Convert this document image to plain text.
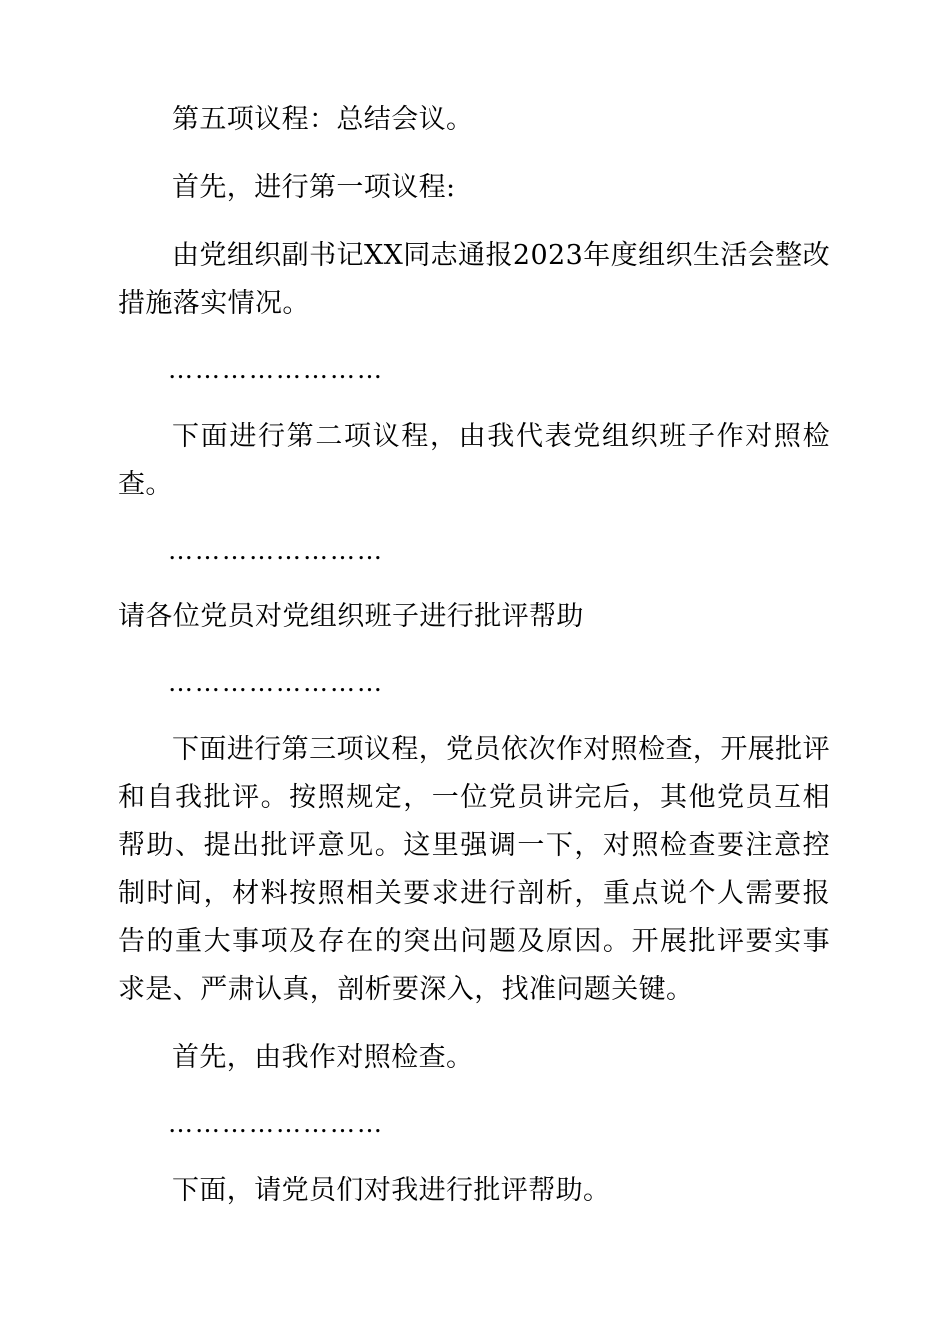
第五项议程：总结会议。

首先，进行第一项议程:

由党组织副书记XX同志通报2023年度组织生活会整改措施落实情况。

……………………

下面进行第二项议程，由我代表党组织班子作对照检查。

……………………

请各位党员对党组织班子进行批评帮助

……………………

下面进行第三项议程，党员依次作对照检查，开展批评和自我批评。按照规定，一位党员讲完后，其他党员互相帮助、提出批评意见。这里强调一下，对照检查要注意控制时间，材料按照相关要求进行剖析，重点说个人需要报告的重大事项及存在的突出问题及原因。开展批评要实事求是、严肃认真，剖析要深入，找准问题关键。

首先，由我作对照检查。

……………………

下面，请党员们对我进行批评帮助。
